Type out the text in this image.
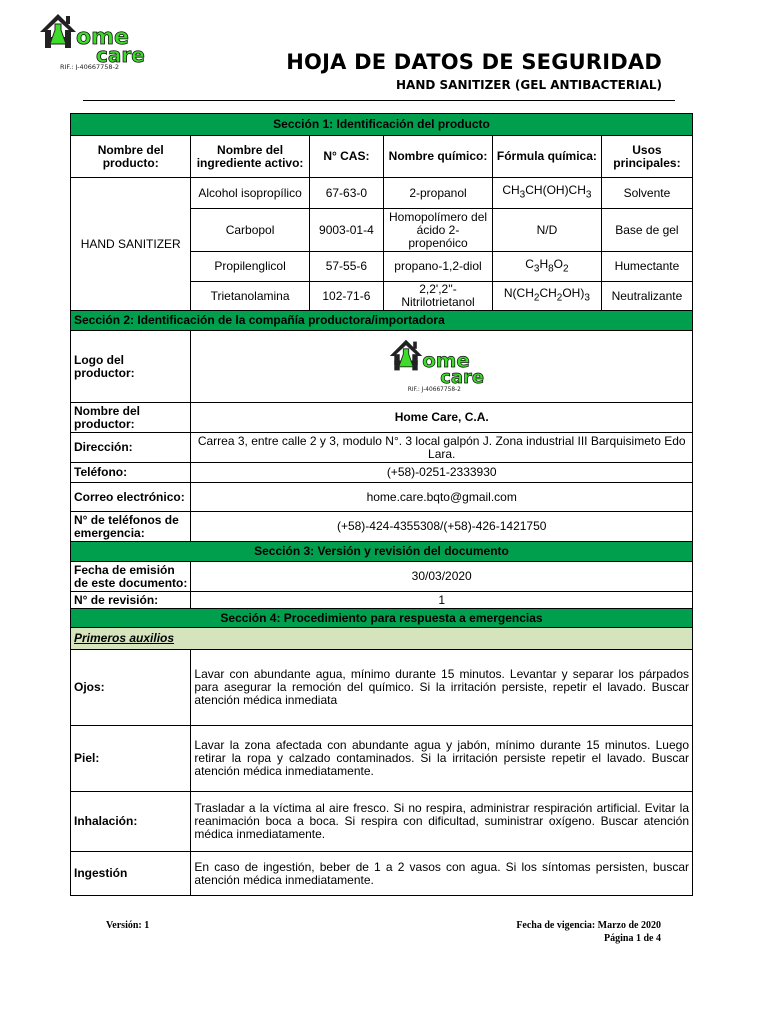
ome
care
RIF.: J-40667758-2	HOJA DE DATOS DE SEGURIDAD
HAND SANITIZER (GEL ANTIBACTERIAL)
Sección 1: Identificación del producto					
Nombre del producto:	Nombre del ingrediente activo:	N° CAS:	Nombre químico:	Fórmula química:	Usos principales:
HAND SANITIZER	Alcohol isopropílico	67-63-0	2-propanol	$CH_3CH(OH)CH_3$	Solvente
	Carbopol	9003-01-4	Homopolímero del ácido 2-propenóico	N/D	Base de gel
	Propilenglicol	57-55-6	propano-1,2-diol	$C_3H_8O_2$	Humectante
	Trietanolamina	102-71-6	2,2',2''-Nitrilotrietanol	$N(CH_2CH_2OH)_3$	Neutralizante
Sección 2: Identificación de la compañía productora/importadora					
Logo del productor:	ome
care
RIF.: J-40667758-2				

Nombre del productor:	Home Care, C.A.				
Dirección:	Carrea 3, entre calle 2 y 3, modulo N°. 3 local galpón J. Zona industrial III Barquisimeto Edo Lara.				
Teléfono:	(+58)-0251-2333930				
Correo electrónico:	home.care.bqto@gmail.com				
N° de teléfonos de emergencia:	(+58)-424-4355308/(+58)-426-1421750				
Sección 3: Versión y revisión del documento					
Fecha de emisión de este documento:	30/03/2020				
N° de revisión:	1				
Sección 4: Procedimiento para respuesta a emergencias					
Primeros auxilios					
Ojos:	Lavar con abundante agua, mínimo durante 15 minutos. Levantar y separar los párpados para asegurar la remoción del químico. Si la irritación persiste, repetir el lavado. Buscar atención médica inmediata				
Piel:	Lavar la zona afectada con abundante agua y jabón, mínimo durante 15 minutos. Luego retirar la ropa y calzado contaminados. Si la irritación persiste repetir el lavado. Buscar atención médica inmediatamente.				
Inhalación:	Trasladar a la víctima al aire fresco. Si no respira, administrar respiración artificial. Evitar la reanimación boca a boca. Si respira con dificultad, suministrar oxígeno. Buscar atención médica inmediatamente.				
Ingestión	En caso de ingestión, beber de 1 a 2 vasos con agua. Si los síntomas persisten, buscar atención médica inmediatamente.				
Versión: 1	Fecha de vigencia: Marzo de 2020
Página 1 de 4
